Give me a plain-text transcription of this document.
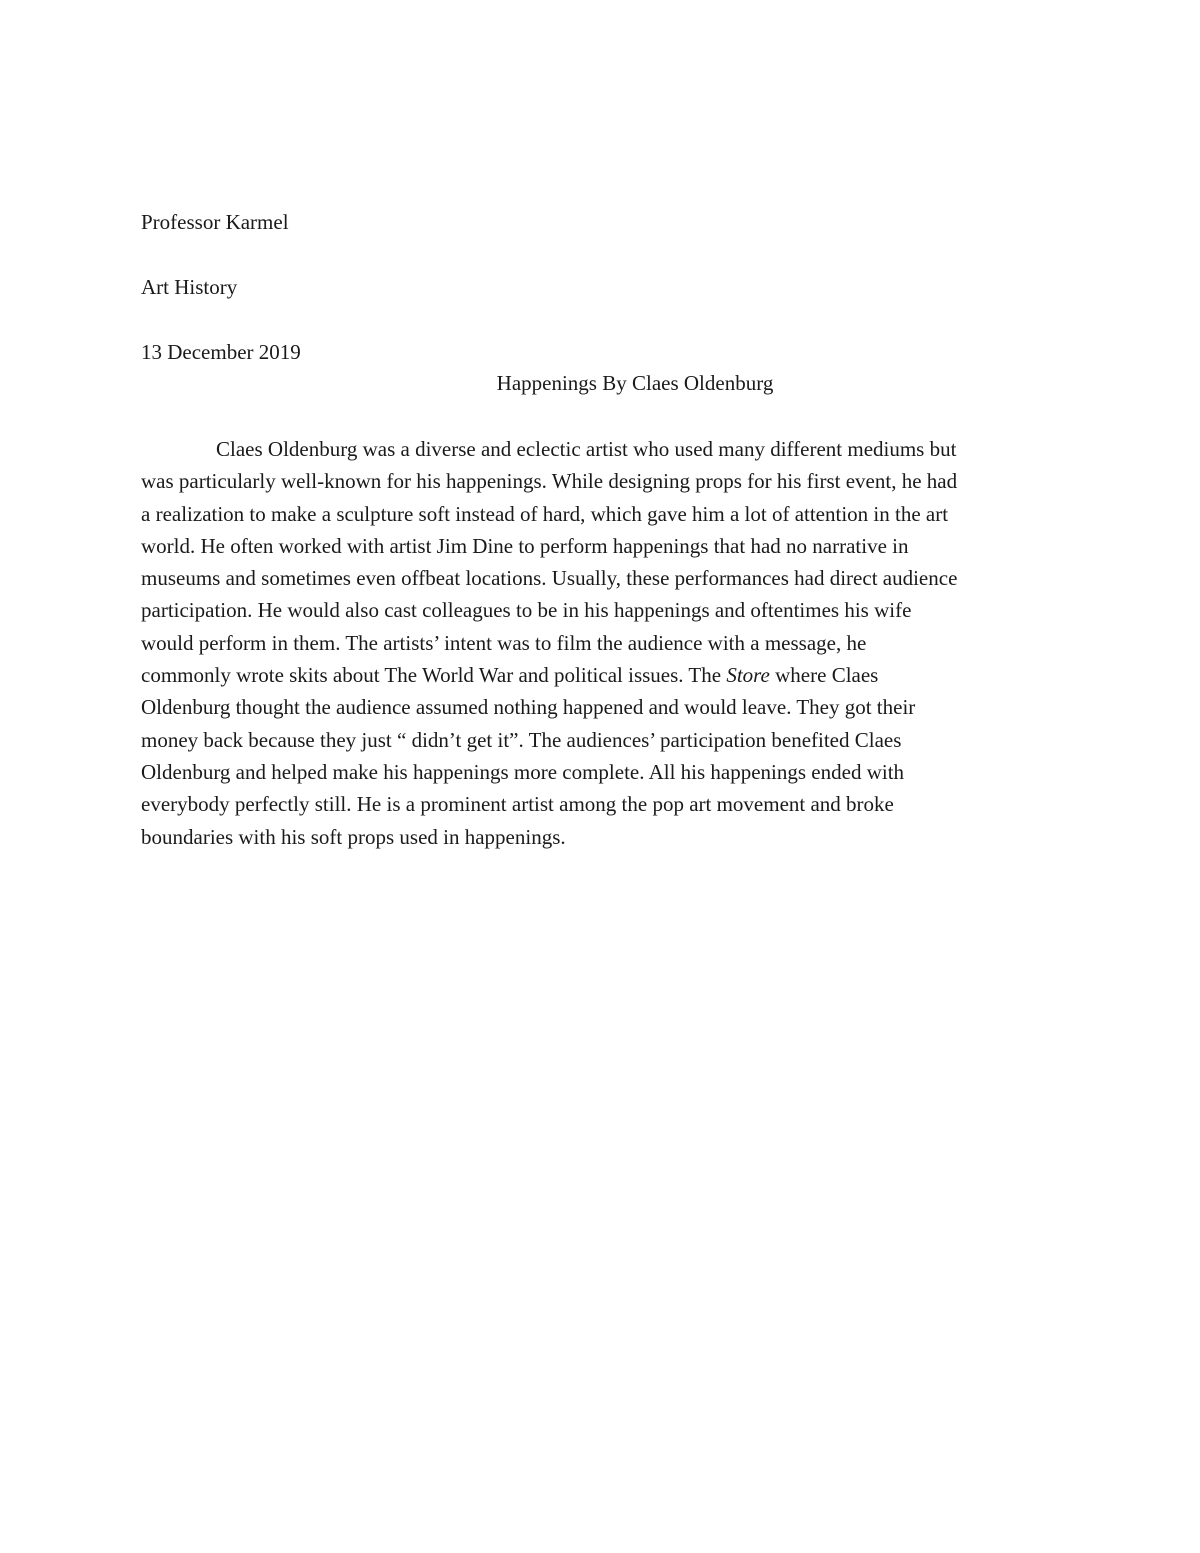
Professor Karmel
Art History
13 December 2019
Happenings By Claes Oldenburg
Claes Oldenburg was a diverse and eclectic artist who used many different mediums but
was particularly well-known for his happenings. While designing props for his first event, he had
a realization to make a sculpture soft instead of hard, which gave him a lot of attention in the art
world. He often worked with artist Jim Dine to perform happenings that had no narrative in
museums and sometimes even offbeat locations. Usually, these performances had direct audience
participation. He would also cast colleagues to be in his happenings and oftentimes his wife
would perform in them. The artists’ intent was to film the audience with a message, he
commonly wrote skits about The World War and political issues. The Store where Claes
Oldenburg thought the audience assumed nothing happened and would leave. They got their
money back because they just “ didn’t get it”. The audiences’ participation benefited Claes
Oldenburg and helped make his happenings more complete. All his happenings ended with
everybody perfectly still. He is a prominent artist among the pop art movement and broke
boundaries with his soft props used in happenings.
